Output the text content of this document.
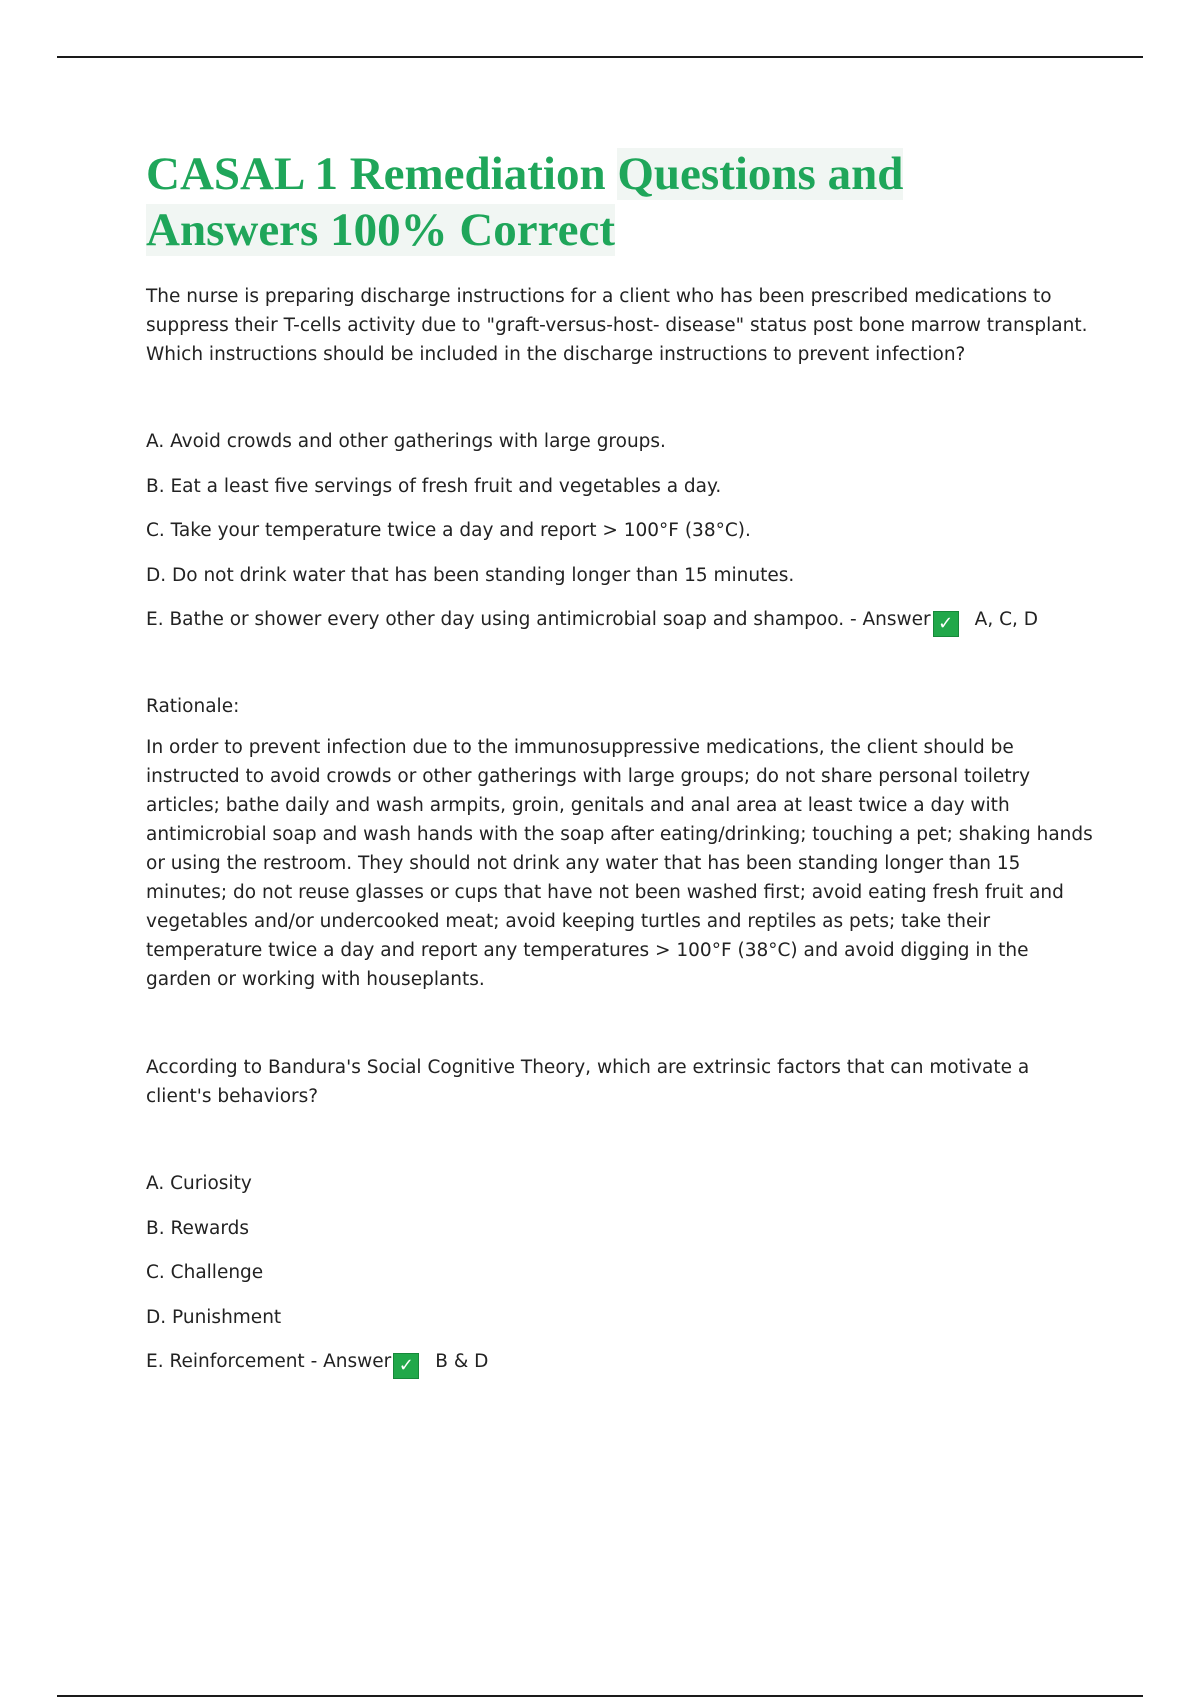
CASAL 1 Remediation Questions and
Answers 100% Correct

The nurse is preparing discharge instructions for a client who has been prescribed medications to suppress their T-cells activity due to "graft-versus-host- disease" status post bone marrow transplant. Which instructions should be included in the discharge instructions to prevent infection?

A. Avoid crowds and other gatherings with large groups.

B. Eat a least five servings of fresh fruit and vegetables a day.

C. Take your temperature twice a day and report > 100°F (38°C).

D. Do not drink water that has been standing longer than 15 minutes.

E. Bathe or shower every other day using antimicrobial soap and shampoo. - Answer ✓ A, C, D

Rationale:

In order to prevent infection due to the immunosuppressive medications, the client should be instructed to avoid crowds or other gatherings with large groups; do not share personal toiletry articles; bathe daily and wash armpits, groin, genitals and anal area at least twice a day with antimicrobial soap and wash hands with the soap after eating/drinking; touching a pet; shaking hands or using the restroom. They should not drink any water that has been standing longer than 15 minutes; do not reuse glasses or cups that have not been washed first; avoid eating fresh fruit and vegetables and/or undercooked meat; avoid keeping turtles and reptiles as pets; take their temperature twice a day and report any temperatures > 100°F (38°C) and avoid digging in the garden or working with houseplants.

According to Bandura's Social Cognitive Theory, which are extrinsic factors that can motivate a client's behaviors?

A. Curiosity

B. Rewards

C. Challenge

D. Punishment

E. Reinforcement - Answer ✓ B & D
